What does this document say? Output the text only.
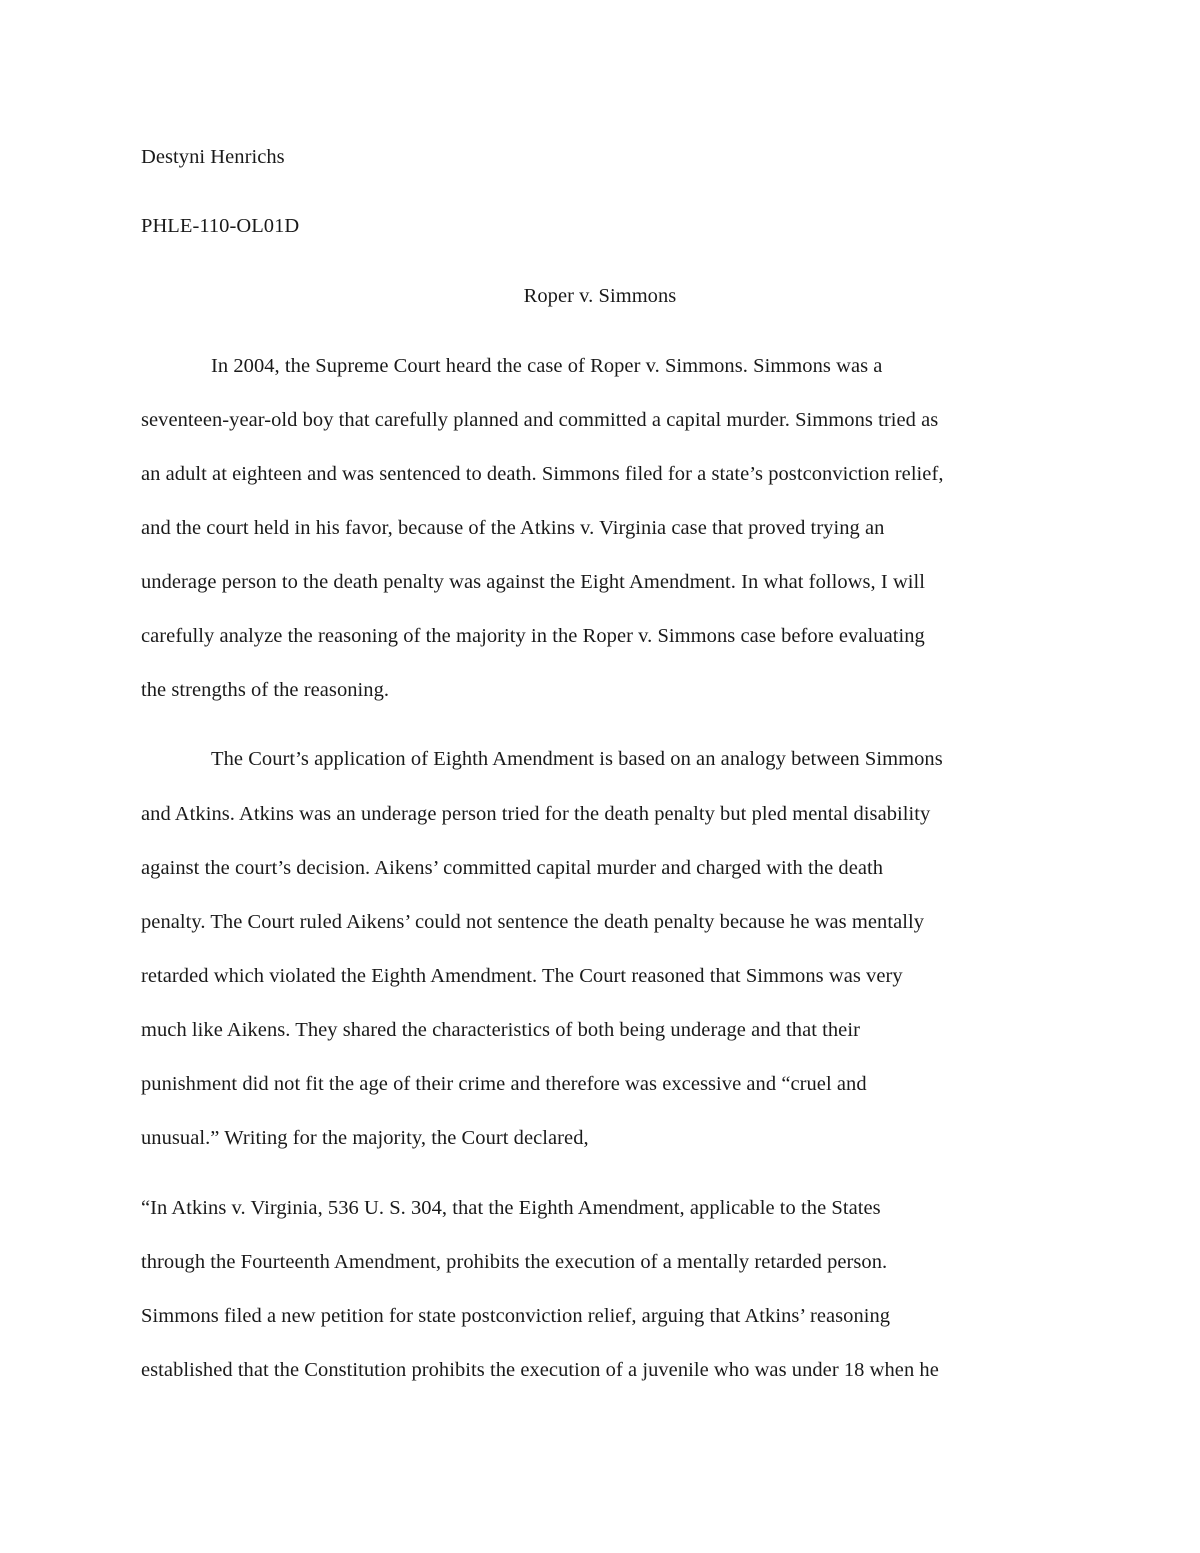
Destyni Henrichs
PHLE-110-OL01D
Roper v. Simmons
In 2004, the Supreme Court heard the case of Roper v. Simmons. Simmons was a
seventeen-year-old boy that carefully planned and committed a capital murder. Simmons tried as
an adult at eighteen and was sentenced to death. Simmons filed for a state’s postconviction relief,
and the court held in his favor, because of the Atkins v. Virginia case that proved trying an
underage person to the death penalty was against the Eight Amendment. In what follows, I will
carefully analyze the reasoning of the majority in the Roper v. Simmons case before evaluating
the strengths of the reasoning.
The Court’s application of Eighth Amendment is based on an analogy between Simmons
and Atkins. Atkins was an underage person tried for the death penalty but pled mental disability
against the court’s decision. Aikens’ committed capital murder and charged with the death
penalty. The Court ruled Aikens’ could not sentence the death penalty because he was mentally
retarded which violated the Eighth Amendment. The Court reasoned that Simmons was very
much like Aikens. They shared the characteristics of both being underage and that their
punishment did not fit the age of their crime and therefore was excessive and “cruel and
unusual.” Writing for the majority, the Court declared,
“In Atkins v. Virginia, 536 U. S. 304, that the Eighth Amendment, applicable to the States
through the Fourteenth Amendment, prohibits the execution of a mentally retarded person.
Simmons filed a new petition for state postconviction relief, arguing that Atkins’ reasoning
established that the Constitution prohibits the execution of a juvenile who was under 18 when he
